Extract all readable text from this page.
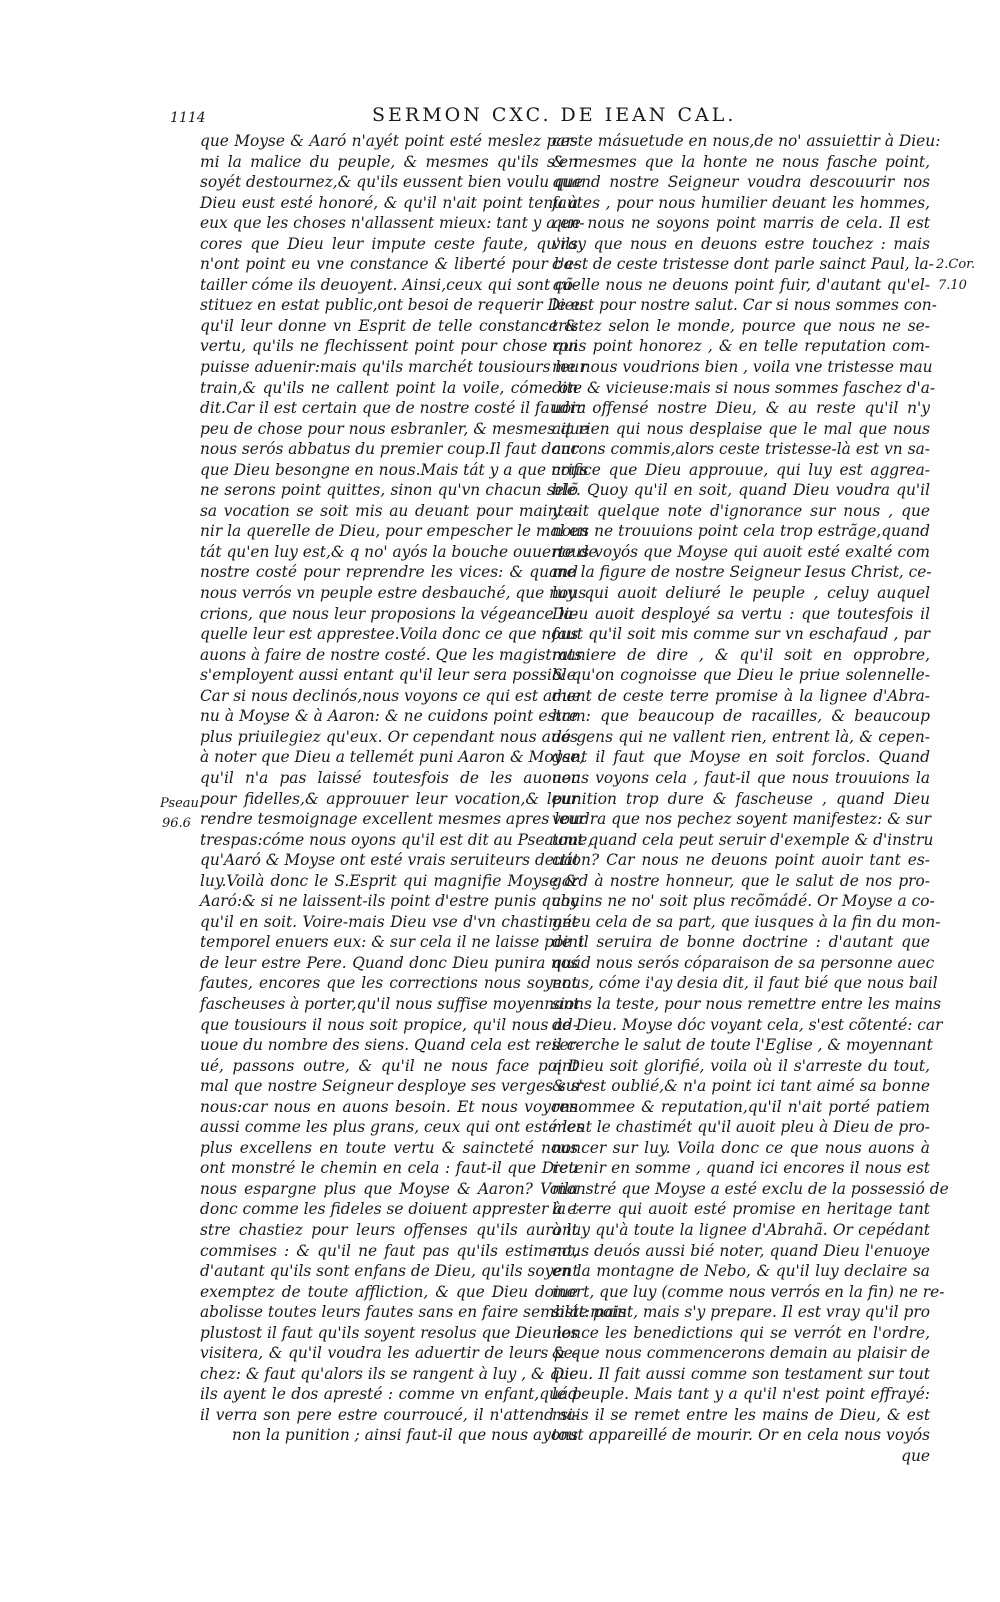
1114	SERMON CXC. DE IEAN CAL.
Pseau.
96.6
2.Cor.
7.10
que Moyse & Aaró n'ayét point esté meslez par-
mi la malice du peuple, & mesmes qu'ils s'en
soyét destournez,& qu'ils eussent bien voulu que
Dieu eust esté honoré, & qu'il n'ait point tenu à
eux que les choses n'allassent mieux: tant y a en-
cores que Dieu leur impute ceste faute, qu'ils
n'ont point eu vne constance & liberté pour ba-
tailler cóme ils deuoyent. Ainsi,ceux qui sont cõ-
stituez en estat public,ont besoi de requerir Dieu
qu'il leur donne vn Esprit de telle constance &
vertu, qu'ils ne flechissent point pour chose qui
puisse aduenir:mais qu'ils marchét tousiours leur
train,& qu'ils ne callent point la voile, cóme on
dit.Car il est certain que de nostre costé il faudra
peu de chose pour nous esbranler, & mesmes que
nous serós abbatus du premier coup.Il faut donc
que Dieu besongne en nous.Mais tát y a que nous
ne serons point quittes, sinon qu'vn chacun selõ
sa vocation se soit mis au deuant pour mainte-
nir la querelle de Dieu, pour empescher le mal en
tát qu'en luy est,& q no' ayós la bouche ouuerte de
nostre costé pour reprendre les vices: & quand
nous verrós vn peuple estre desbauché, que nous
crions, que nous leur proposions la végeance la-
quelle leur est apprestee.Voila donc ce que nous
auons à faire de nostre costé. Que les magistrats
s'employent aussi entant qu'il leur sera possible.
Car si nous declinós,nous voyons ce qui est adue
nu à Moyse & à Aaron: & ne cuidons point estre
plus priuilegiez qu'eux. Or cependant nous auós
à noter que Dieu a tellemét puni Aaron & Moyse,
qu'il n'a pas laissé toutesfois de les auouer
pour fidelles,& approuuer leur vocation,& leur
rendre tesmoignage excellent mesmes apres leur
trespas:cóme nous oyons qu'il est dit au Pseaume,
qu'Aaró & Moyse ont esté vrais seruiteurs deuát
luy.Voilà donc le S.Esprit qui magnifie Moyse &
Aaró:& si ne laissent-ils point d'estre punis quoy
qu'il en soit. Voire-mais Dieu vse d'vn chastimét
temporel enuers eux: & sur cela il ne laisse point
de leur estre Pere. Quand donc Dieu punira nos
fautes, encores que les corrections nous soyent
fascheuses à porter,qu'il nous suffise moyennant
que tousiours il nous soit propice, qu'il nous ad-
uoue du nombre des siens. Quand cela est reser-
ué, passons outre, & qu'il ne nous face point
mal que nostre Seigneur desploye ses verges sur
nous:car nous en auons besoin. Et nous voyons
aussi comme les plus grans, ceux qui ont esté les
plus excellens en toute vertu & saincteté nous
ont monstré le chemin en cela : faut-il que Dieu
nous espargne plus que Moyse & Aaron? Voila
donc comme les fideles se doiuent apprester à e-
stre chastiez pour leurs offenses qu'ils auront
commises : & qu'il ne faut pas qu'ils estiment,
d'autant qu'ils sont enfans de Dieu, qu'ils soyent
exemptez de toute affliction, & que Dieu doiue
abolisse toutes leurs fautes sans en faire semblát:mais
plustost il faut qu'ils soyent resolus que Dieu les
visitera, & qu'il voudra les aduertir de leurs pe-
chez: & faut qu'alors ils se rangent à luy , & que
ils ayent le dos apresté : comme vn enfant,quád
il verra son pere estre courroucé, il n'attend si-
non la punition ; ainsi faut-il que nous ayons
ceste másuetude en nous,de no' assuiettir à Dieu:
& mesmes que la honte ne nous fasche point,
quand nostre Seigneur voudra descouurir nos
fautes , pour nous humilier deuant les hommes,
que nous ne soyons point marris de cela. Il est
vray que nous en deuons estre touchez : mais
c'est de ceste tristesse dont parle sainct Paul, la-
quelle nous ne deuons point fuir, d'autant qu'el-
le est pour nostre salut. Car si nous sommes con-
tristez selon le monde, pource que nous ne se-
rons point honorez , & en telle reputation com-
me nous voudrions bien , voila vne tristesse mau
dite & vicieuse:mais si nous sommes faschez d'a-
uoir offensé nostre Dieu, & au reste qu'il n'y
ait rien qui nous desplaise que le mal que nous
aurons commis,alors ceste tristesse-là est vn sa-
crifice que Dieu approuue, qui luy est aggrea-
ble. Quoy qu'il en soit, quand Dieu voudra qu'il
y ait quelque note d'ignorance sur nous , que
nous ne trouuions point cela trop estrãge,quand
nous voyós que Moyse qui auoit esté exalté com
me la figure de nostre Seigneur Iesus Christ, ce-
luy qui auoit deliuré le peuple , celuy auquel
Dieu auoit desployé sa vertu : que toutesfois il
faut qu'il soit mis comme sur vn eschafaud , par
maniere de dire , & qu'il soit en opprobre,
& qu'on cognoisse que Dieu le priue solennelle-
ment de ceste terre promise à la lignee d'Abra-
ham: que beaucoup de racailles, & beaucoup
de gens qui ne vallent rien, entrent là, & cepen-
dant il faut que Moyse en soit forclos. Quand
nous voyons cela , faut-il que nous trouuions la
punition trop dure & fascheuse , quand Dieu
voudra que nos pechez soyent manifestez: & sur
tout quand cela peut seruir d'exemple & d'instru
ction? Car nous ne deuons point auoir tant es-
gard à nostre honneur, que le salut de nos pro-
chains ne no' soit plus recõmádé. Or Moyse a co-
gneu cela de sa part, que iusques à la fin du mon-
de il seruira de bonne doctrine : d'autant que
quád nous serós cóparaison de sa personne auec
nous, cóme i'ay desia dit, il faut bié que nous bail
sions la teste, pour nous remettre entre les mains
de Dieu. Moyse dóc voyant cela, s'est cõtenté: car
il cerche le salut de toute l'Eglise , & moyennant
q Dieu soit glorifié, voila où il s'arreste du tout,
& s'est oublié,& n'a point ici tant aimé sa bonne
renommee & reputation,qu'il n'ait porté patiem
ment le chastimét qu'il auoit pleu à Dieu de pro-
noncer sur luy. Voila donc ce que nous auons à
retenir en somme , quand ici encores il nous est
monstré que Moyse a esté exclu de la possessió de
la terre qui auoit esté promise en heritage tant
à luy qu'à toute la lignee d'Abrahã. Or cepédant
nous deuós aussi bié noter, quand Dieu l'enuoye
en la montagne de Nebo, & qu'il luy declaire sa
mort, que luy (comme nous verrós en la fin) ne re-
siste point, mais s'y prepare. Il est vray qu'il pro
nonce les benedictions qui se verrót en l'ordre,
& que nous commencerons demain au plaisir de
Dieu. Il fait aussi comme son testament sur tout
le peuple. Mais tant y a qu'il n'est point effrayé:
mais il se remet entre les mains de Dieu, & est
tout appareillé de mourir. Or en cela nous voyós
que
